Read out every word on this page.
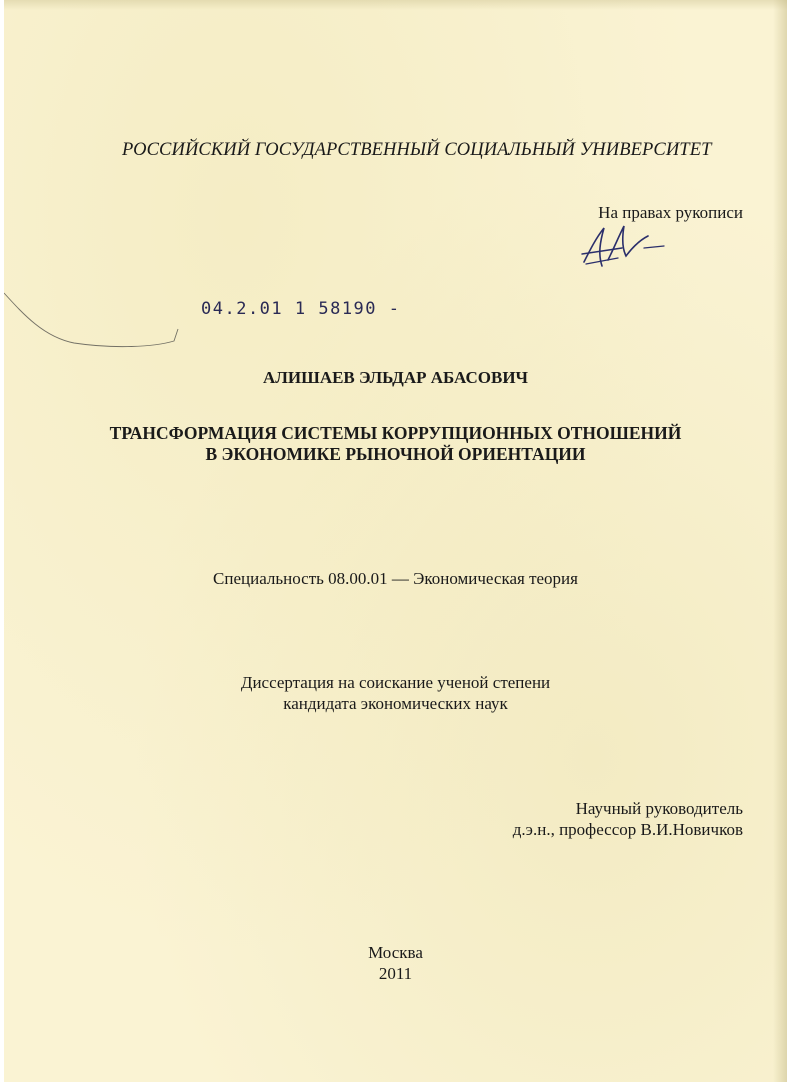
РОССИЙСКИЙ ГОСУДАРСТВЕННЫЙ СОЦИАЛЬНЫЙ УНИВЕРСИТЕТ
На правах рукописи
04.2.01 1 58190 -
АЛИШАЕВ ЭЛЬДАР АБАСОВИЧ
ТРАНСФОРМАЦИЯ СИСТЕМЫ КОРРУПЦИОННЫХ ОТНОШЕНИЙ
В ЭКОНОМИКЕ РЫНОЧНОЙ ОРИЕНТАЦИИ
Специальность 08.00.01 — Экономическая теория
Диссертация на соискание ученой степени
кандидата экономических наук
Научный руководитель
д.э.н., профессор В.И.Новичков
Москва
2011
